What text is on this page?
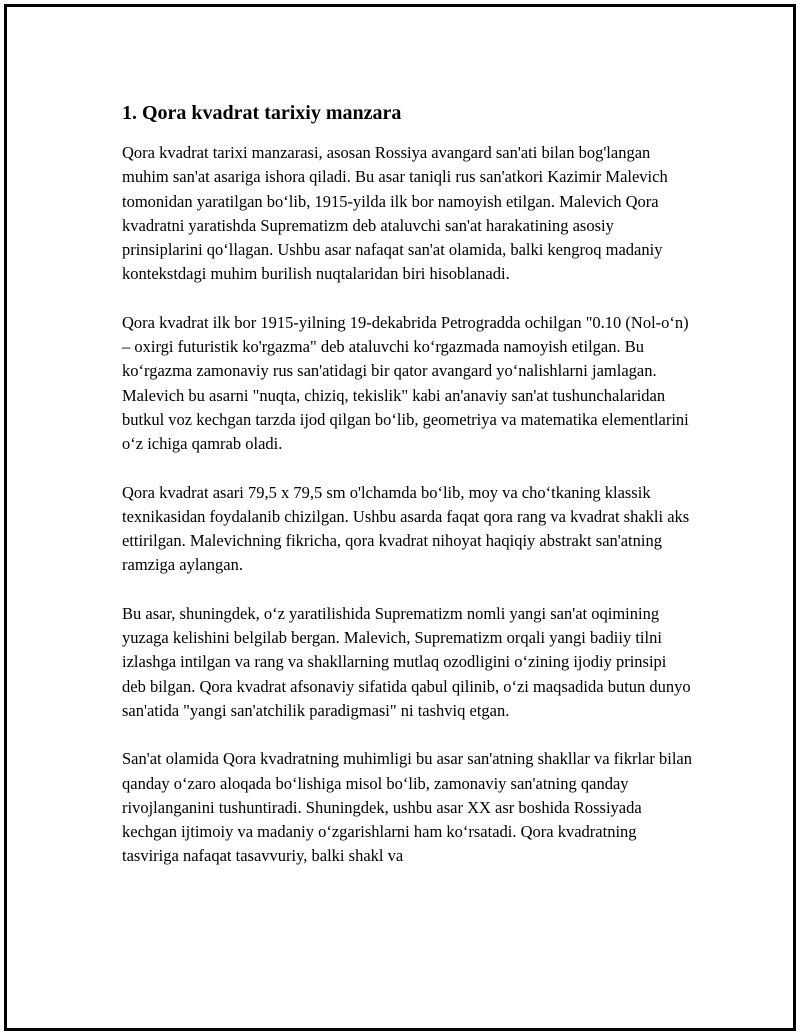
1. Qora kvadrat tarixiy manzara

Qora kvadrat tarixi manzarasi, asosan Rossiya avangard san'ati bilan bog'langan muhim san'at asariga ishora qiladi. Bu asar taniqli rus san'atkori Kazimir Malevich tomonidan yaratilgan bo‘lib, 1915-yilda ilk bor namoyish etilgan. Malevich Qora kvadratni yaratishda Suprematizm deb ataluvchi san'at harakatining asosiy prinsiplarini qo‘llagan. Ushbu asar nafaqat san'at olamida, balki kengroq madaniy kontekstdagi muhim burilish nuqtalaridan biri hisoblanadi.

Qora kvadrat ilk bor 1915-yilning 19-dekabrida Petrogradda ochilgan "0.10 (Nol-o‘n) – oxirgi futuristik ko'rgazma" deb ataluvchi ko‘rgazmada namoyish etilgan. Bu ko‘rgazma zamonaviy rus san'atidagi bir qator avangard yo‘nalishlarni jamlagan. Malevich bu asarni "nuqta, chiziq, tekislik" kabi an'anaviy san'at tushunchalaridan butkul voz kechgan tarzda ijod qilgan bo‘lib, geometriya va matematika elementlarini o‘z ichiga qamrab oladi.

Qora kvadrat asari 79,5 x 79,5 sm o'lchamda bo‘lib, moy va cho‘tkaning klassik texnikasidan foydalanib chizilgan. Ushbu asarda faqat qora rang va kvadrat shakli aks ettirilgan. Malevichning fikricha, qora kvadrat nihoyat haqiqiy abstrakt san'atning ramziga aylangan.

Bu asar, shuningdek, o‘z yaratilishida Suprematizm nomli yangi san'at oqimining yuzaga kelishini belgilab bergan. Malevich, Suprematizm orqali yangi badiiy tilni izlashga intilgan va rang va shakllarning mutlaq ozodligini o‘zining ijodiy prinsipi deb bilgan. Qora kvadrat afsonaviy sifatida qabul qilinib, o‘zi maqsadida butun dunyo san'atida "yangi san'atchilik paradigmasi" ni tashviq etgan.

San'at olamida Qora kvadratning muhimligi bu asar san'atning shakllar va fikrlar bilan qanday o‘zaro aloqada bo‘lishiga misol bo‘lib, zamonaviy san'atning qanday rivojlanganini tushuntiradi. Shuningdek, ushbu asar XX asr boshida Rossiyada kechgan ijtimoiy va madaniy o‘zgarishlarni ham ko‘rsatadi. Qora kvadratning tasviriga nafaqat tasavvuriy, balki shakl va
